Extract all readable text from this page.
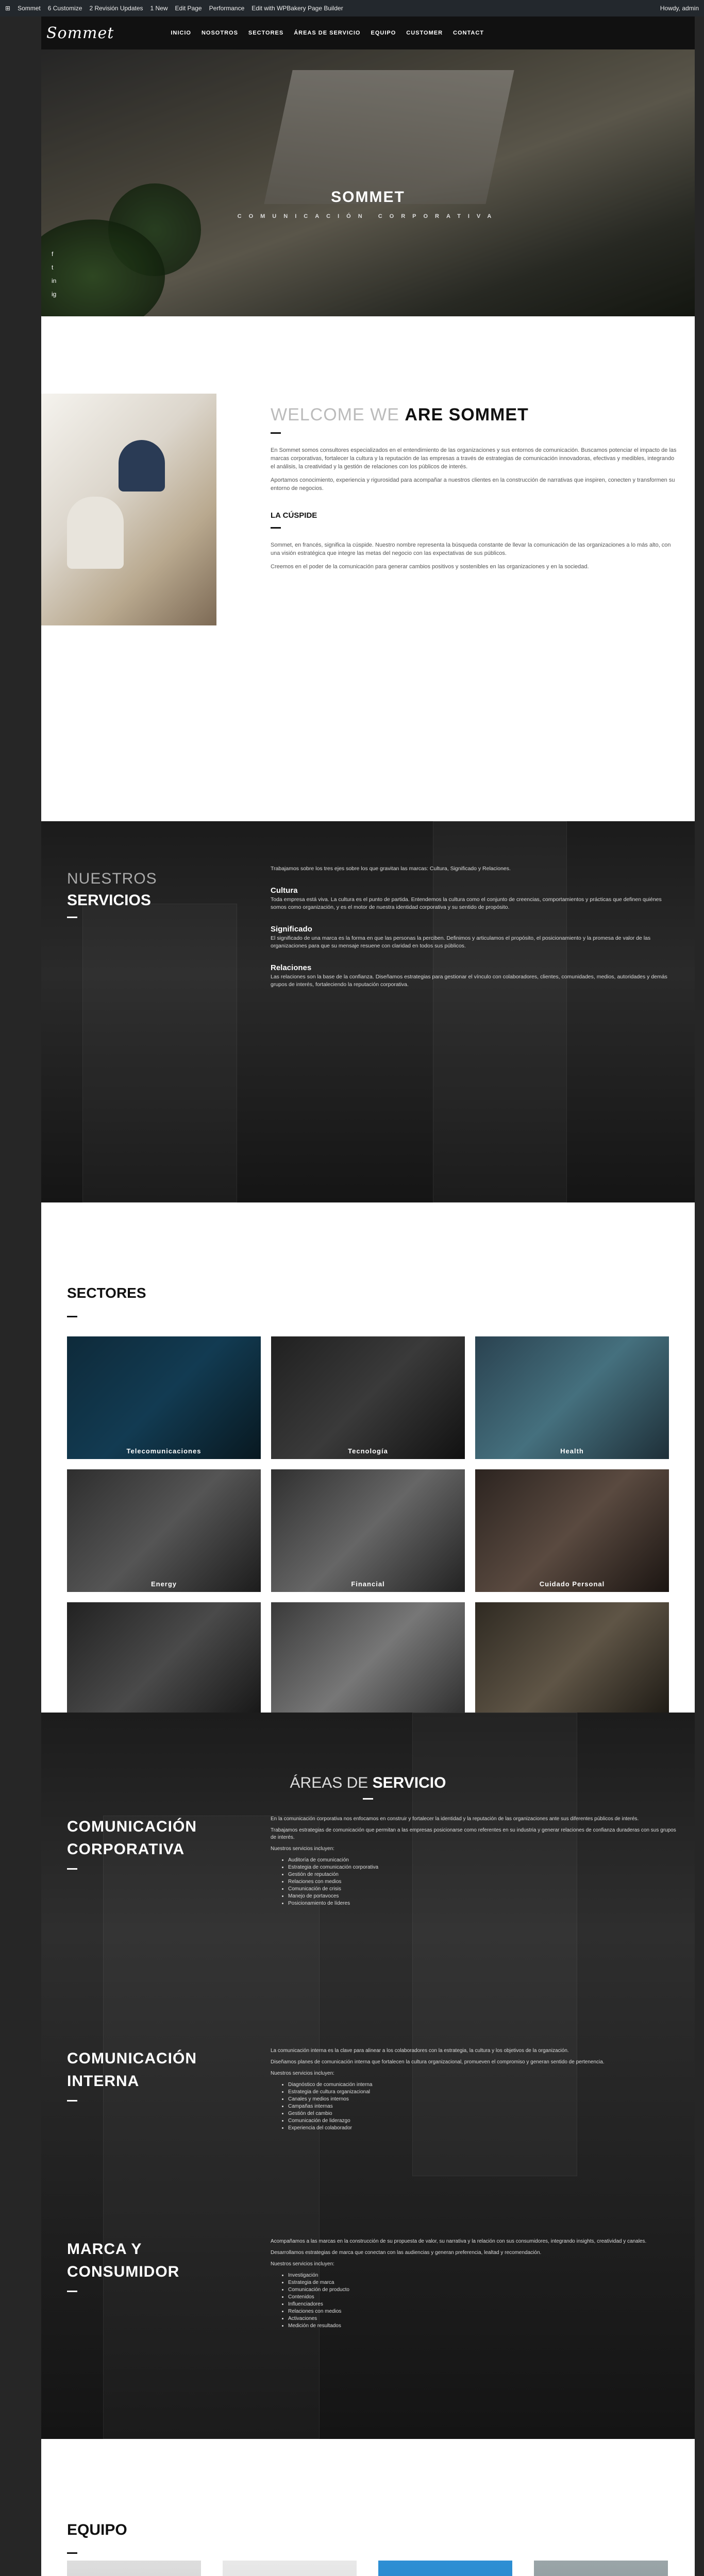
⊞ Sommet 6 Customize 2 Revisión Updates 1 New Edit Page Performance Edit with WPBakery Page Builder	Howdy, admin
Sommet	INICIO NOSOTROS SECTORES ÁREAS DE SERVICIO EQUIPO CUSTOMER CONTACT
SOMMET
COMUNICACIÓN CORPORATIVA
f
t
in
ig
WELCOME WE ARE SOMMET

En Sommet somos consultores especializados en el entendimiento de las organizaciones y sus entornos de comunicación. Buscamos potenciar el impacto de las marcas corporativas, fortalecer la cultura y la reputación de las empresas a través de estrategias de comunicación innovadoras, efectivas y medibles, integrando el análisis, la creatividad y la gestión de relaciones con los públicos de interés.

Aportamos conocimiento, experiencia y rigurosidad para acompañar a nuestros clientes en la construcción de narrativas que inspiren, conecten y transformen su entorno de negocios.

LA CÚSPIDE

Sommet, en francés, significa la cúspide. Nuestro nombre representa la búsqueda constante de llevar la comunicación de las organizaciones a lo más alto, con una visión estratégica que integre las metas del negocio con las expectativas de sus públicos.

Creemos en el poder de la comunicación para generar cambios positivos y sostenibles en las organizaciones y en la sociedad.

NUESTROS
SERVICIOS

Trabajamos sobre los tres ejes sobre los que gravitan las marcas: Cultura, Significado y Relaciones.

Cultura

Toda empresa está viva. La cultura es el punto de partida. Entendemos la cultura como el conjunto de creencias, comportamientos y prácticas que definen quiénes somos como organización, y es el motor de nuestra identidad corporativa y su sentido de propósito.

Significado

El significado de una marca es la forma en que las personas la perciben. Definimos y articulamos el propósito, el posicionamiento y la promesa de valor de las organizaciones para que su mensaje resuene con claridad en todos sus públicos.

Relaciones

Las relaciones son la base de la confianza. Diseñamos estrategias para gestionar el vínculo con colaboradores, clientes, comunidades, medios, autoridades y demás grupos de interés, fortaleciendo la reputación corporativa.

SECTORES
Telecomunicaciones	Tecnología	Health
Energy	Financial	Cuidado Personal
ÁREAS DE SERVICIO
COMUNICACIÓN
CORPORATIVA

En la comunicación corporativa nos enfocamos en construir y fortalecer la identidad y la reputación de las organizaciones ante sus diferentes públicos de interés.

Trabajamos estrategias de comunicación que permitan a las empresas posicionarse como referentes en su industria y generar relaciones de confianza duraderas con sus grupos de interés.

Nuestros servicios incluyen:

• Auditoría de comunicación
• Estrategia de comunicación corporativa
• Gestión de reputación
• Relaciones con medios
• Comunicación de crisis
• Manejo de portavoces
• Posicionamiento de líderes
COMUNICACIÓN
INTERNA

La comunicación interna es la clave para alinear a los colaboradores con la estrategia, la cultura y los objetivos de la organización.

Diseñamos planes de comunicación interna que fortalecen la cultura organizacional, promueven el compromiso y generan sentido de pertenencia.

Nuestros servicios incluyen:

• Diagnóstico de comunicación interna
• Estrategia de cultura organizacional
• Canales y medios internos
• Campañas internas
• Gestión del cambio
• Comunicación de liderazgo
• Experiencia del colaborador
MARCA Y
CONSUMIDOR

Acompañamos a las marcas en la construcción de su propuesta de valor, su narrativa y la relación con sus consumidores, integrando insights, creatividad y canales.

Desarrollamos estrategias de marca que conectan con las audiencias y generan preferencia, lealtad y recomendación.

Nuestros servicios incluyen:

• Investigación
• Estrategia de marca
• Comunicación de producto
• Contenidos
• Influenciadores
• Relaciones con medios
• Activaciones
• Medición de resultados
EQUIPO
